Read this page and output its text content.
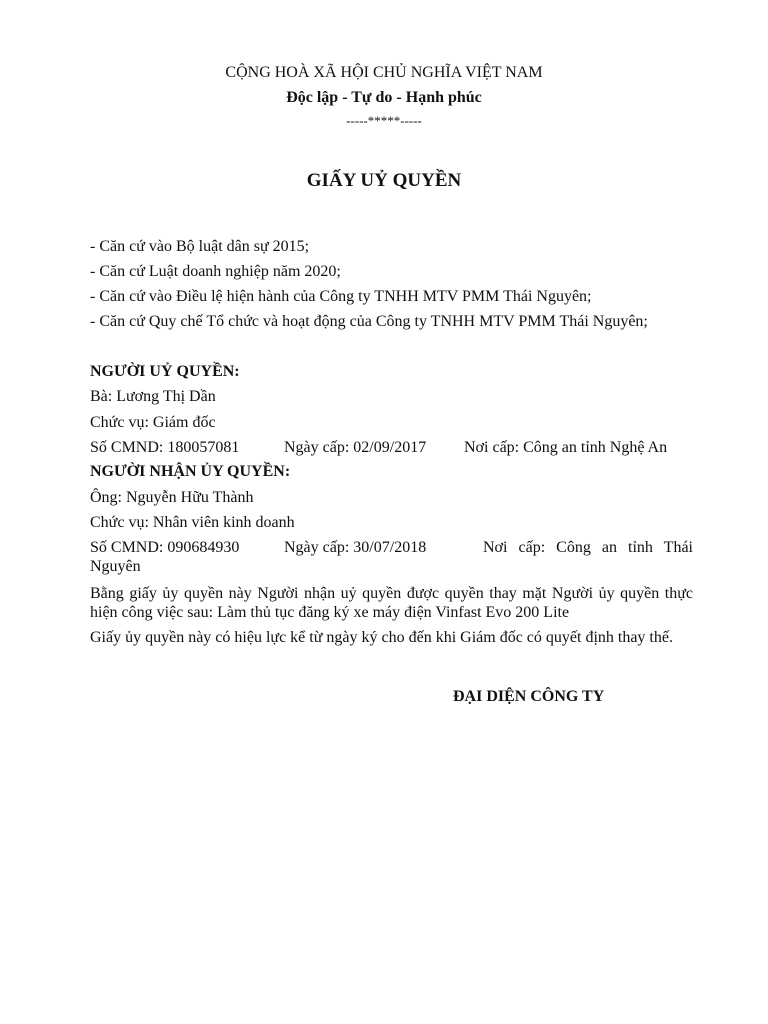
CỘNG HOÀ XÃ HỘI CHỦ NGHĨA VIỆT NAM
Độc lập - Tự do - Hạnh phúc
-----*****-----
GIẤY UỶ QUYỀN
- Căn cứ vào Bộ luật dân sự 2015;
- Căn cứ Luật doanh nghiệp năm 2020;
- Căn cứ vào Điều lệ hiện hành của Công ty TNHH MTV PMM Thái Nguyên;
- Căn cứ Quy chế Tổ chức và hoạt động của Công ty TNHH MTV PMM Thái Nguyên;
NGƯỜI UỶ QUYỀN:
Bà: Lương Thị Dần
Chức vụ: Giám đốc
Số CMND: 180057081	Ngày cấp: 02/09/2017 Nơi cấp: Công an tỉnh Nghệ An
NGƯỜI NHẬN ỦY QUYỀN:
Ông: Nguyễn Hữu Thành
Chức vụ: Nhân viên kinh doanh
Số CMND: 090684930	Ngày cấp: 30/07/2018	Nơi cấp: Công an tỉnh Thái
Nguyên
Bằng giấy ủy quyền này Người nhận uỷ quyền được quyền thay mặt Người ủy quyền thực hiện công việc sau: Làm thủ tục đăng ký xe máy điện Vinfast Evo 200 Lite
Giấy ủy quyền này có hiệu lực kể từ ngày ký cho đến khi Giám đốc có quyết định thay thế.
ĐẠI DIỆN CÔNG TY
